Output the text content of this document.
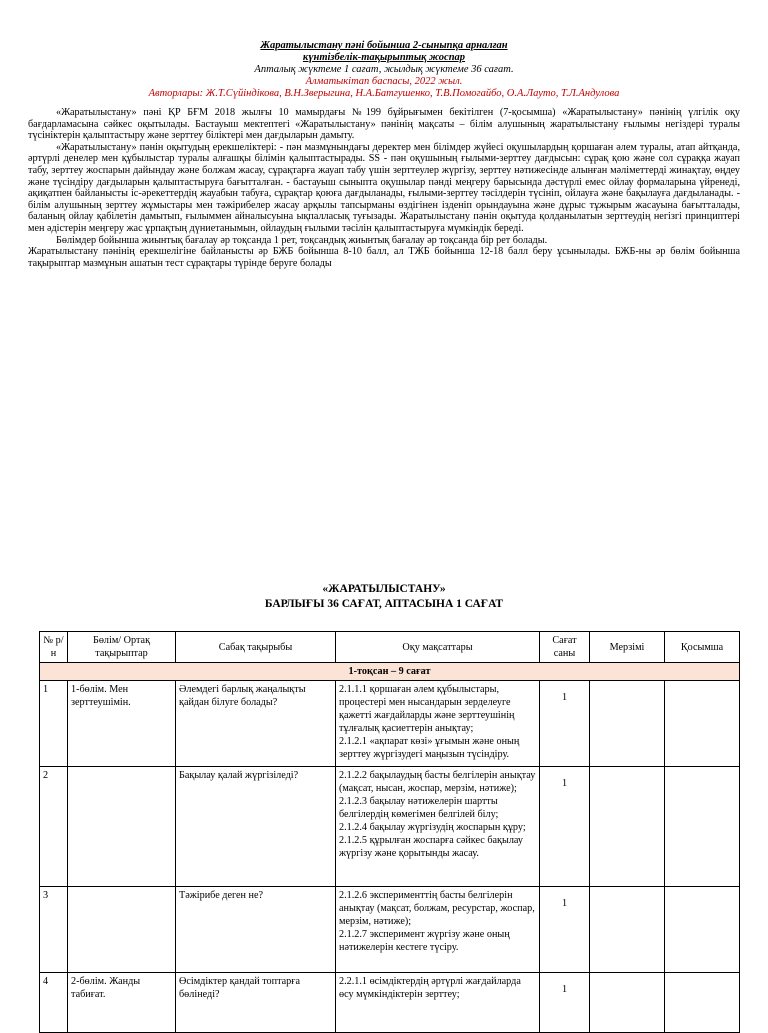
Жаратылыстану пәні бойынша 2-сыныпқа арналған
күнтізбелік-тақырыптық жоспар
Апталық жүктеме 1 сағат, жылдық жүктеме 36 сағат.
Алматыкітап баспасы, 2022 жыл.
Авторлары: Ж.Т.Сүйіндікова, В.Н.Зверыгина, Н.А.Батгушенко, Т.В.Помогайбо, О.А.Лауто, Т.Л.Андулова

«Жаратылыстану» пәні ҚР БҒМ 2018 жылғы 10 мамырдағы №199 бұйрығымен бекітілген (7-қосымша) «Жаратылыстану» пәнінің үлгілік оқу бағдарламасына сәйкес оқытылады. Бастауыш мектептегі «Жаратылыстану» пәнінің мақсаты – білім алушының жаратылыстану ғылымы негіздері туралы түсініктерін қалыптастыру және зерттеу біліктері мен дағдыларын дамыту.

«Жаратылыстану» пәнін оқытудың ерекшеліктері: - пән мазмұнындағы деректер мен білімдер жүйесі оқушылардың қоршаған әлем туралы, атап айтқанда, әртүрлі денелер мен құбылыстар туралы алғашқы білімін қалыптастырады. SS - пән оқушының ғылыми-зерттеу дағдысын: сұрақ қою және сол сұраққа жауап табу, зерттеу жоспарын дайындау және болжам жасау, сұрақтарға жауап табу үшін зерттеулер жүргізу, зерттеу нәтижесінде алынған мәліметтерді жинақтау, өңдеу және түсіндіру дағдыларын қалыптастыруға бағытталған. - бастауыш сыныпта оқушылар пәнді меңгеру барысында дәстүрлі емес ойлау формаларына үйренеді, ақиқатпен байланысты іс-әрекеттердің жауабын табуға, сұрақтар қоюға дағдыланады, ғылыми-зерттеу тәсілдерін түсініп, ойлауға және бақылауға дағдыланады. - білім алушының зерттеу жұмыстары мен тәжірибелер жасау арқылы тапсырманы өздігінен ізденіп орындауына және дұрыс тұжырым жасауына бағытталады, баланың ойлау қабілетін дамытып, ғылыммен айналысуына ықпалласық туғызады. Жаратылыстану пәнін оқытуда қолданылатын зерттеудің негізгі принциптері мен әдістерін меңгеру жас ұрпақтың дүниетанымын, ойлаудың ғылыми тәсілін қалыптастыруға мүмкіндік береді.

Бөлімдер бойынша жиынтық бағалау әр тоқсанда 1 рет, тоқсандық жиынтық бағалау әр тоқсанда бір рет болады.

Жаратылыстану пәнінің ерекшелігіне байланысты әр БЖБ бойынша 8-10 балл, ал ТЖБ бойынша 12-18 балл беру ұсынылады. БЖБ-ны әр бөлім бойынша тақырыптар мазмұнын ашатын тест сұрақтары түрінде беруге болады

«ЖАРАТЫЛЫСТАНУ»
БАРЛЫҒЫ 36 САҒАТ, АПТАСЫНА 1 САҒАТ
№ р/н	Бөлім/ Ортақ тақырыптар	Сабақ тақырыбы	Оқу мақсаттары	Сағат саны	Мерзімі	Қосымша
1-тоқсан – 9 сағат						
1	1-бөлім. Мен зерттеушімін.	Әлемдегі барлық жаңалықты қайдан білуге болады?	2.1.1.1 қоршаған әлем құбылыстары, процестері мен нысандарын зерделеуге қажетті жағдайларды және зерттеушінің тұлғалық қасиеттерін анықтау;
2.1.2.1 «ақпарат көзі» ұғымын және оның зерттеу жүргізудегі маңызын түсіндіру.	1		

2		Бақылау қалай жүргізіледі?	2.1.2.2 бақылаудың басты белгілерін анықтау (мақсат, нысан, жоспар, мерзім, нәтиже);
2.1.2.3 бақылау нәтижелерін шартты белгілердің көмегімен белгілей білу;
2.1.2.4 бақылау жүргізудің жоспарын құру;
2.1.2.5 құрылған жоспарға сәйкес бақылау жүргізу және қорытынды жасау.	1		

3		Тәжірибе деген не?	2.1.2.6 эксперименттің басты белгілерін анықтау (мақсат, болжам, ресурстар, жоспар, мерзім, нәтиже);
2.1.2.7 эксперимент жүргізу және оның нәтижелерін кестеге түсіру.	1		

4	2-бөлім. Жанды табиғат.	Өсімдіктер қандай топтарға бөлінеді?	2.2.1.1 өсімдіктердің әртүрлі жағдайларда өсу мүмкіндіктерін зерттеу;	1		
